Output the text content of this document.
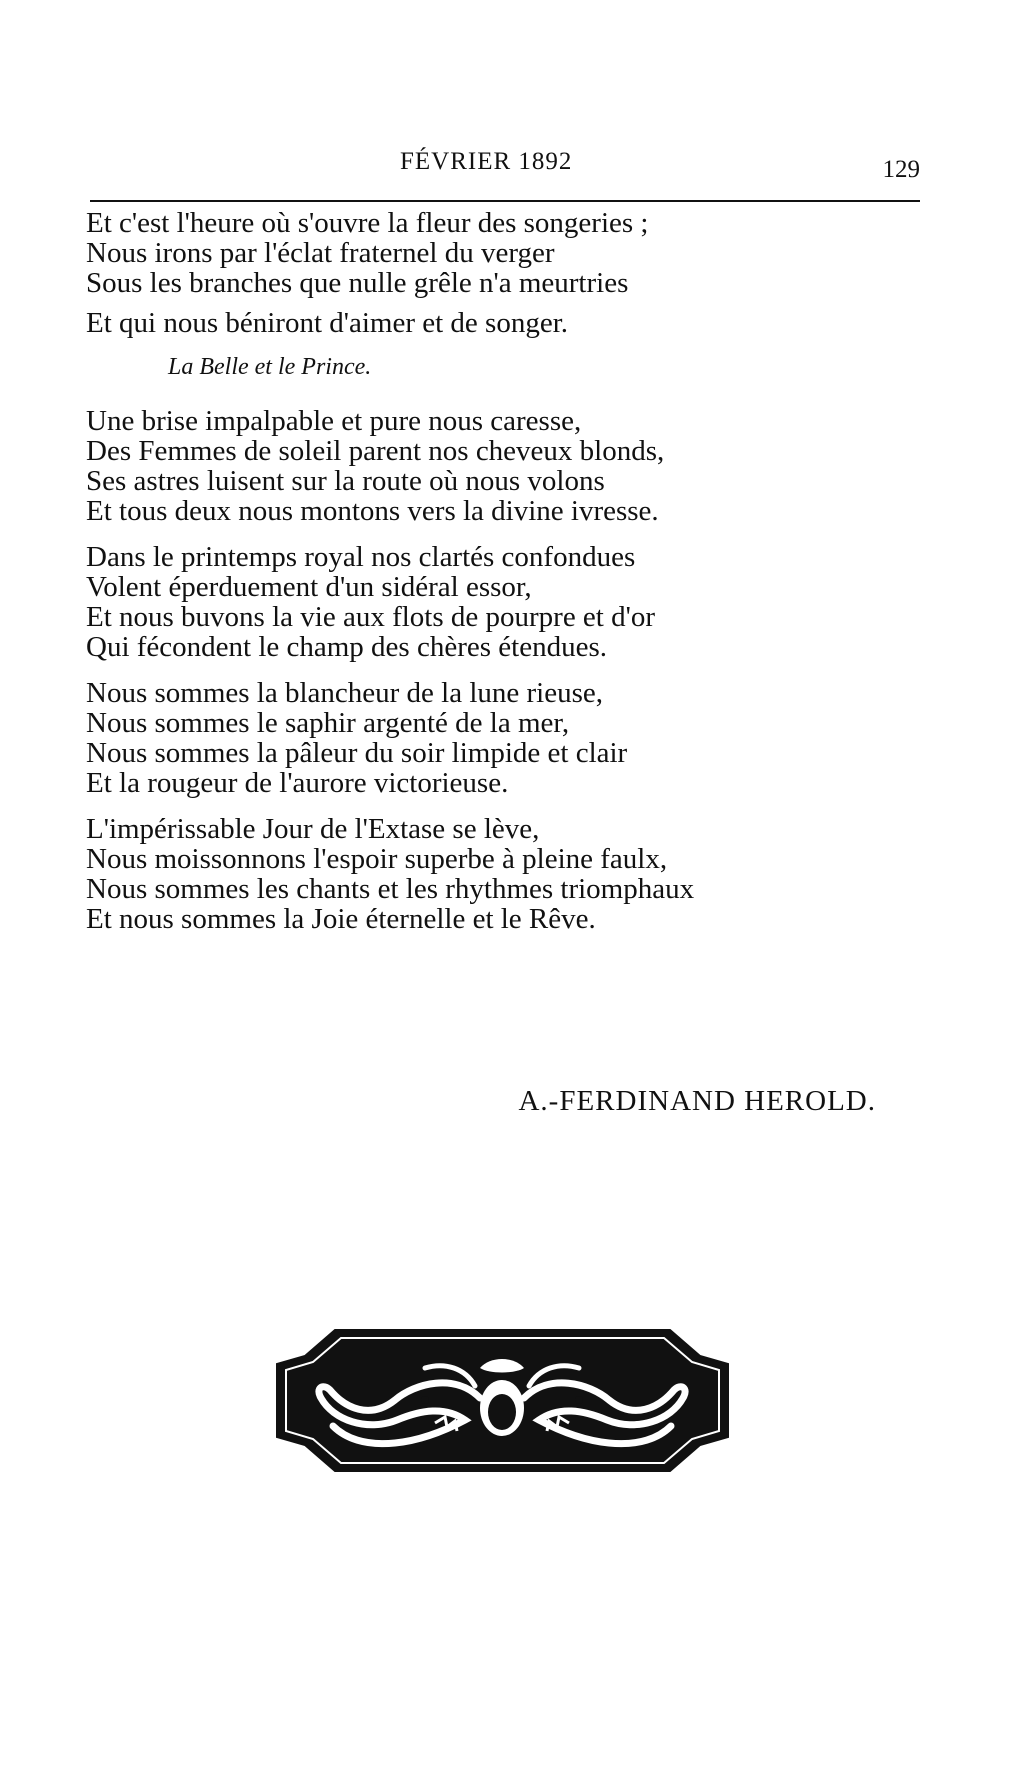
FÉVRIER 1892	129
Et c'est l'heure où s'ouvre la fleur des songeries ;
Nous irons par l'éclat fraternel du verger
Sous les branches que nulle grêle n'a meurtries
Et qui nous béniront d'aimer et de songer.
La Belle et le Prince.
Une brise impalpable et pure nous caresse,
Des Femmes de soleil parent nos cheveux blonds,
Ses astres luisent sur la route où nous volons
Et tous deux nous montons vers la divine ivresse.
Dans le printemps royal nos clartés confondues
Volent éperduement d'un sidéral essor,
Et nous buvons la vie aux flots de pourpre et d'or
Qui fécondent le champ des chères étendues.
Nous sommes la blancheur de la lune rieuse,
Nous sommes le saphir argenté de la mer,
Nous sommes la pâleur du soir limpide et clair
Et la rougeur de l'aurore victorieuse.
L'impérissable Jour de l'Extase se lève,
Nous moissonnons l'espoir superbe à pleine faulx,
Nous sommes les chants et les rhythmes triomphaux
Et nous sommes la Joie éternelle et le Rêve.
A.-FERDINAND HEROLD.
